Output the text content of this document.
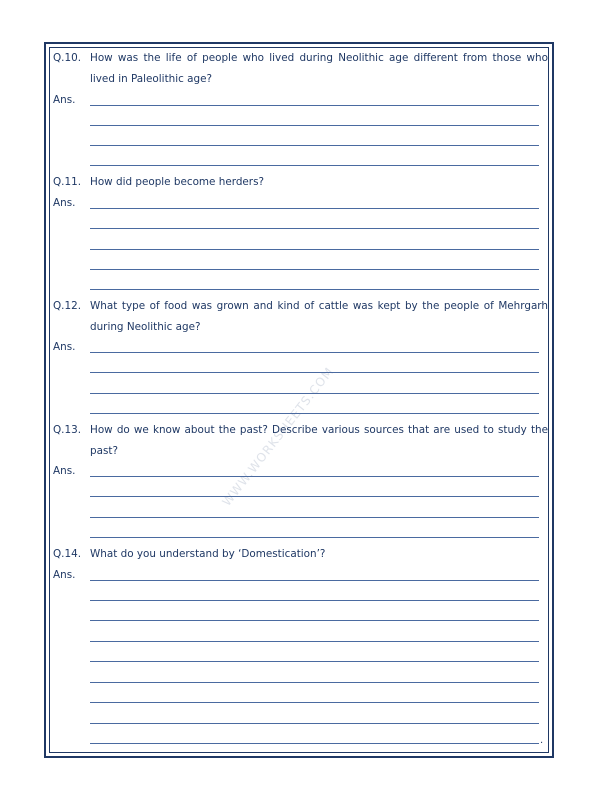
WWW.WORKSHEETS.COM
Q.10. How was the life of people who lived during Neolithic age different from those who lived in Paleolithic age?
Ans.
Q.11. How did people become herders?
Ans.
Q.12. What type of food was grown and kind of cattle was kept by the people of Mehrgarh during Neolithic age?
Ans.
Q.13. How do we know about the past? Describe various sources that are used to study the past?
Ans.
Q.14. What do you understand by ‘Domestication’?
Ans.
.
